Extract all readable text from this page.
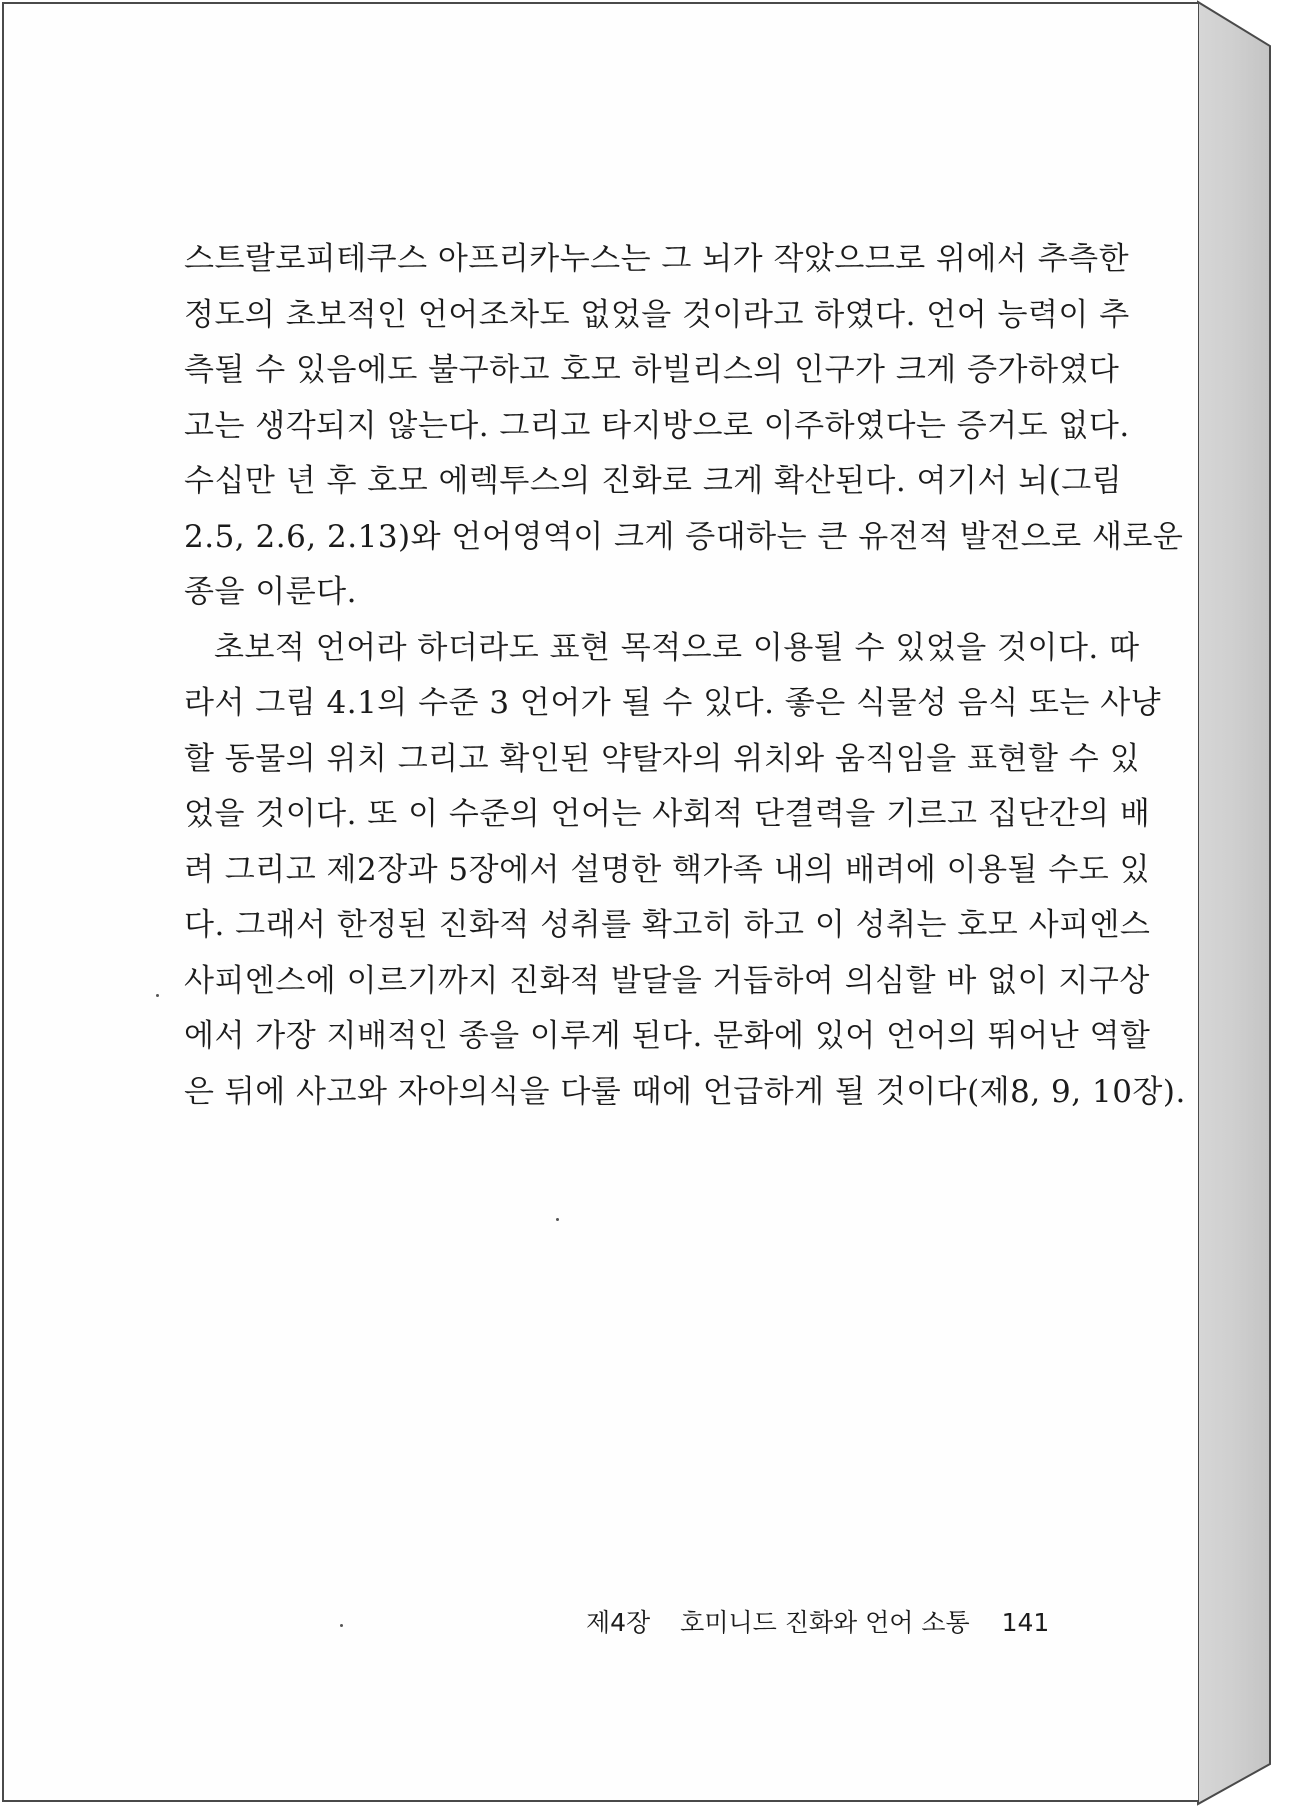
스트랄로피테쿠스 아프리카누스는 그 뇌가 작았으므로 위에서 추측한
정도의 초보적인 언어조차도 없었을 것이라고 하였다. 언어 능력이 추
측될 수 있음에도 불구하고 호모 하빌리스의 인구가 크게 증가하였다
고는 생각되지 않는다. 그리고 타지방으로 이주하였다는 증거도 없다.
수십만 년 후 호모 에렉투스의 진화로 크게 확산된다. 여기서 뇌(그림
2.5, 2.6, 2.13)와 언어영역이 크게 증대하는 큰 유전적 발전으로 새로운
종을 이룬다.
초보적 언어라 하더라도 표현 목적으로 이용될 수 있었을 것이다. 따
라서 그림 4.1의 수준 3 언어가 될 수 있다. 좋은 식물성 음식 또는 사냥
할 동물의 위치 그리고 확인된 약탈자의 위치와 움직임을 표현할 수 있
었을 것이다. 또 이 수준의 언어는 사회적 단결력을 기르고 집단간의 배
려 그리고 제2장과 5장에서 설명한 핵가족 내의 배려에 이용될 수도 있
다. 그래서 한정된 진화적 성취를 확고히 하고 이 성취는 호모 사피엔스
사피엔스에 이르기까지 진화적 발달을 거듭하여 의심할 바 없이 지구상
에서 가장 지배적인 종을 이루게 된다. 문화에 있어 언어의 뛰어난 역할
은 뒤에 사고와 자아의식을 다룰 때에 언급하게 될 것이다(제8, 9, 10장).
제4장 호미니드 진화와 언어 소통 141
